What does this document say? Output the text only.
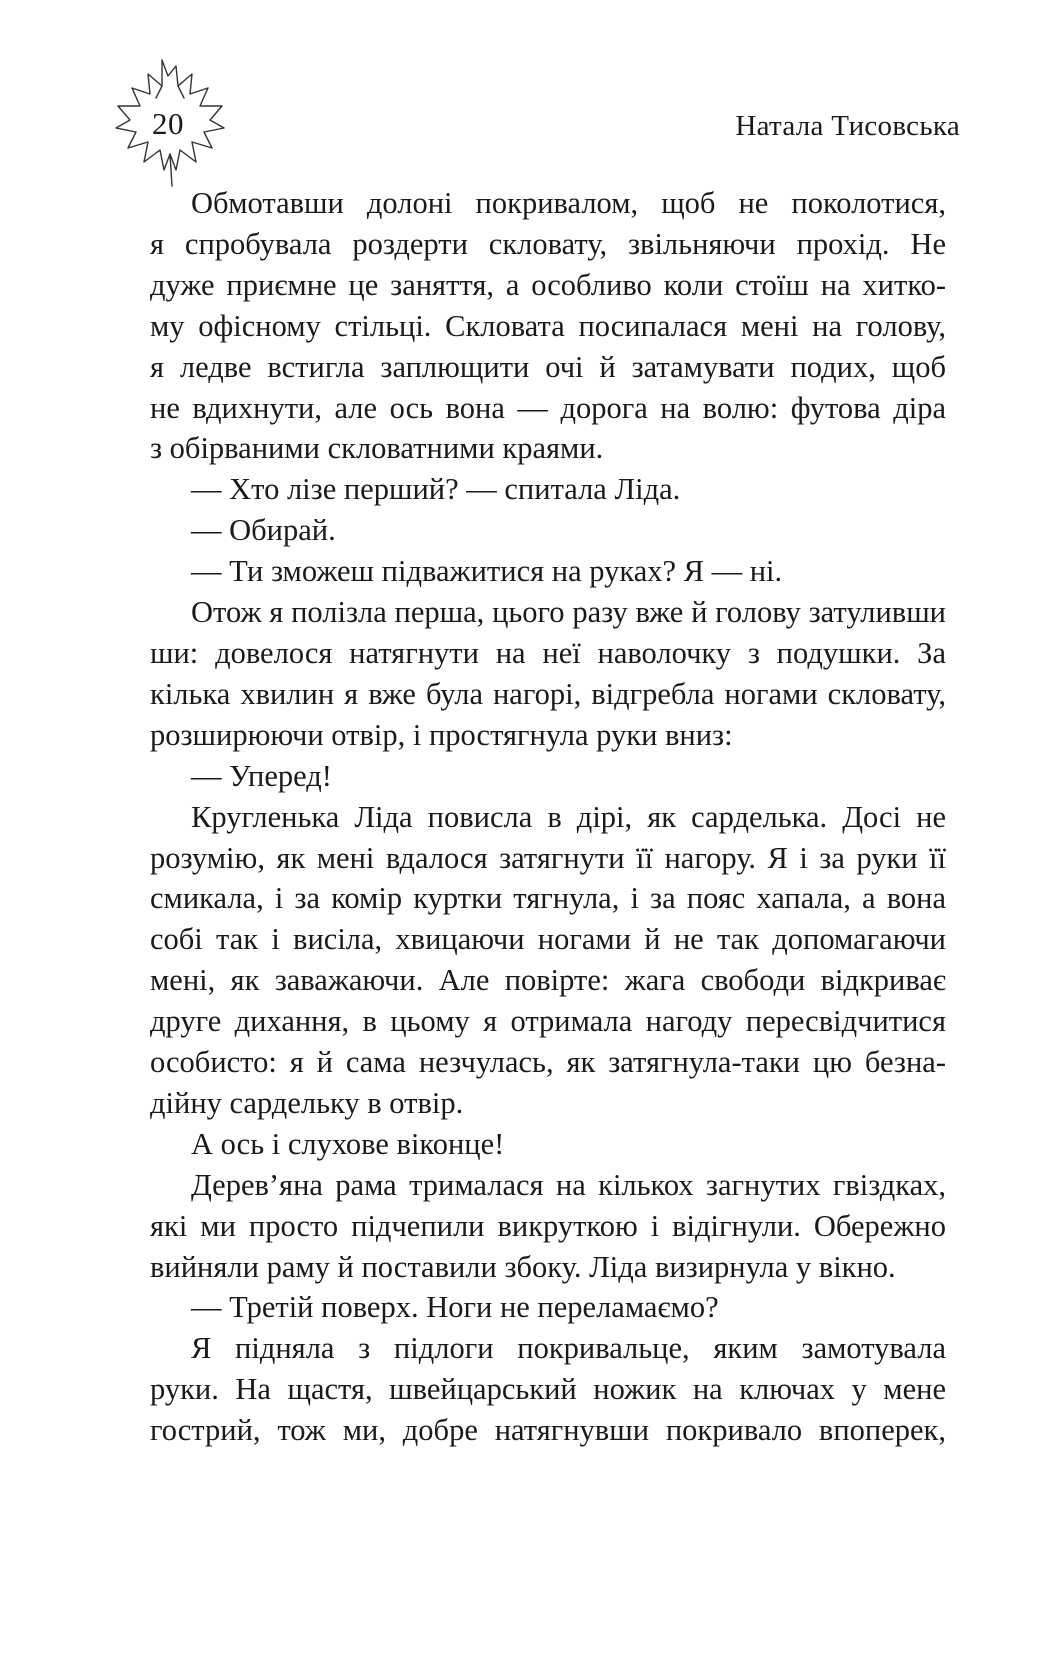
20	Натала Тисовська
Обмотавши долоні покривалом, щоб не поколотися,
я спробувала роздерти скловату, звільняючи прохід. Не
дуже приємне це заняття, а особливо коли стоїш на хитко-
му офісному стільці. Скловата посипалася мені на голову,
я ледве встигла заплющити очі й затамувати подих, щоб
не вдихнути, але ось вона — дорога на волю: футова діра
з обірваними скловатними краями.
— Хто лізе перший? — спитала Ліда.
— Обирай.
— Ти зможеш підважитися на руках? Я — ні.
Отож я полізла перша, цього разу вже й голову затуливши
ши: довелося натягнути на неї наволочку з подушки. За
кілька хвилин я вже була нагорі, відгребла ногами скловату,
розширюючи отвір, і простягнула руки вниз:
— Уперед!
Кругленька Ліда повисла в дірі, як сарделька. Досі не
розумію, як мені вдалося затягнути її нагору. Я і за руки її
смикала, і за комір куртки тягнула, і за пояс хапала, а вона
собі так і висіла, хвицаючи ногами й не так допомагаючи
мені, як заважаючи. Але повірте: жага свободи відкриває
друге дихання, в цьому я отримала нагоду пересвідчитися
особисто: я й сама незчулась, як затягнула-таки цю безна-
дійну сардельку в отвір.
А ось і слухове віконце!
Дерев’яна рама трималася на кількох загнутих гвіздках,
які ми просто підчепили викруткою і відігнули. Обережно
вийняли раму й поставили збоку. Ліда визирнула у вікно.
— Третій поверх. Ноги не переламаємо?
Я підняла з підлоги покривальце, яким замотувала
руки. На щастя, швейцарський ножик на ключах у мене
гострий, тож ми, добре натягнувши покривало впоперек,
